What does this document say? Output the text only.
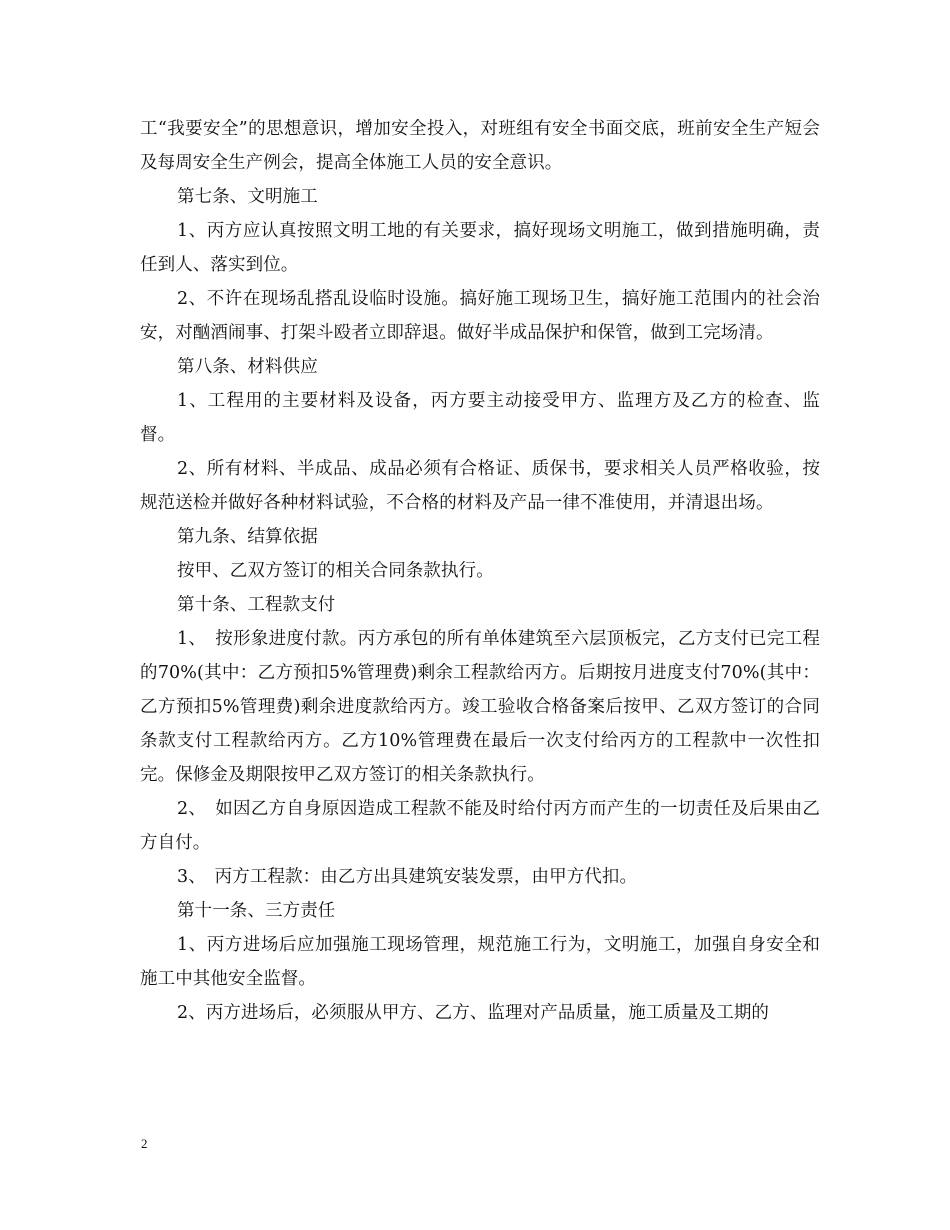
工“我要安全”的思想意识，增加安全投入，对班组有安全书面交底，班前安全生产短会及每周安全生产例会，提高全体施工人员的安全意识。

第七条、文明施工

1、丙方应认真按照文明工地的有关要求，搞好现场文明施工，做到措施明确，责任到人、落实到位。

2、不许在现场乱搭乱设临时设施。搞好施工现场卫生，搞好施工范围内的社会治安，对酗酒闹事、打架斗殴者立即辞退。做好半成品保护和保管，做到工完场清。

第八条、材料供应

1、工程用的主要材料及设备，丙方要主动接受甲方、监理方及乙方的检查、监督。

2、所有材料、半成品、成品必须有合格证、质保书，要求相关人员严格收验，按规范送检并做好各种材料试验，不合格的材料及产品一律不准使用，并清退出场。

第九条、结算依据

按甲、乙双方签订的相关合同条款执行。

第十条、工程款支付

1、　按形象进度付款。丙方承包的所有单体建筑至六层顶板完，乙方支付已完工程的70%(其中：乙方预扣5%管理费)剩余工程款给丙方。后期按月进度支付70%(其中：乙方预扣5%管理费)剩余进度款给丙方。竣工验收合格备案后按甲、乙双方签订的合同条款支付工程款给丙方。乙方10%管理费在最后一次支付给丙方的工程款中一次性扣完。保修金及期限按甲乙双方签订的相关条款执行。

2、　如因乙方自身原因造成工程款不能及时给付丙方而产生的一切责任及后果由乙方自付。

3、　丙方工程款：由乙方出具建筑安装发票，由甲方代扣。

第十一条、三方责任

1、丙方进场后应加强施工现场管理，规范施工行为，文明施工，加强自身安全和施工中其他安全监督。

2、丙方进场后，必须服从甲方、乙方、监理对产品质量，施工质量及工期的

2
